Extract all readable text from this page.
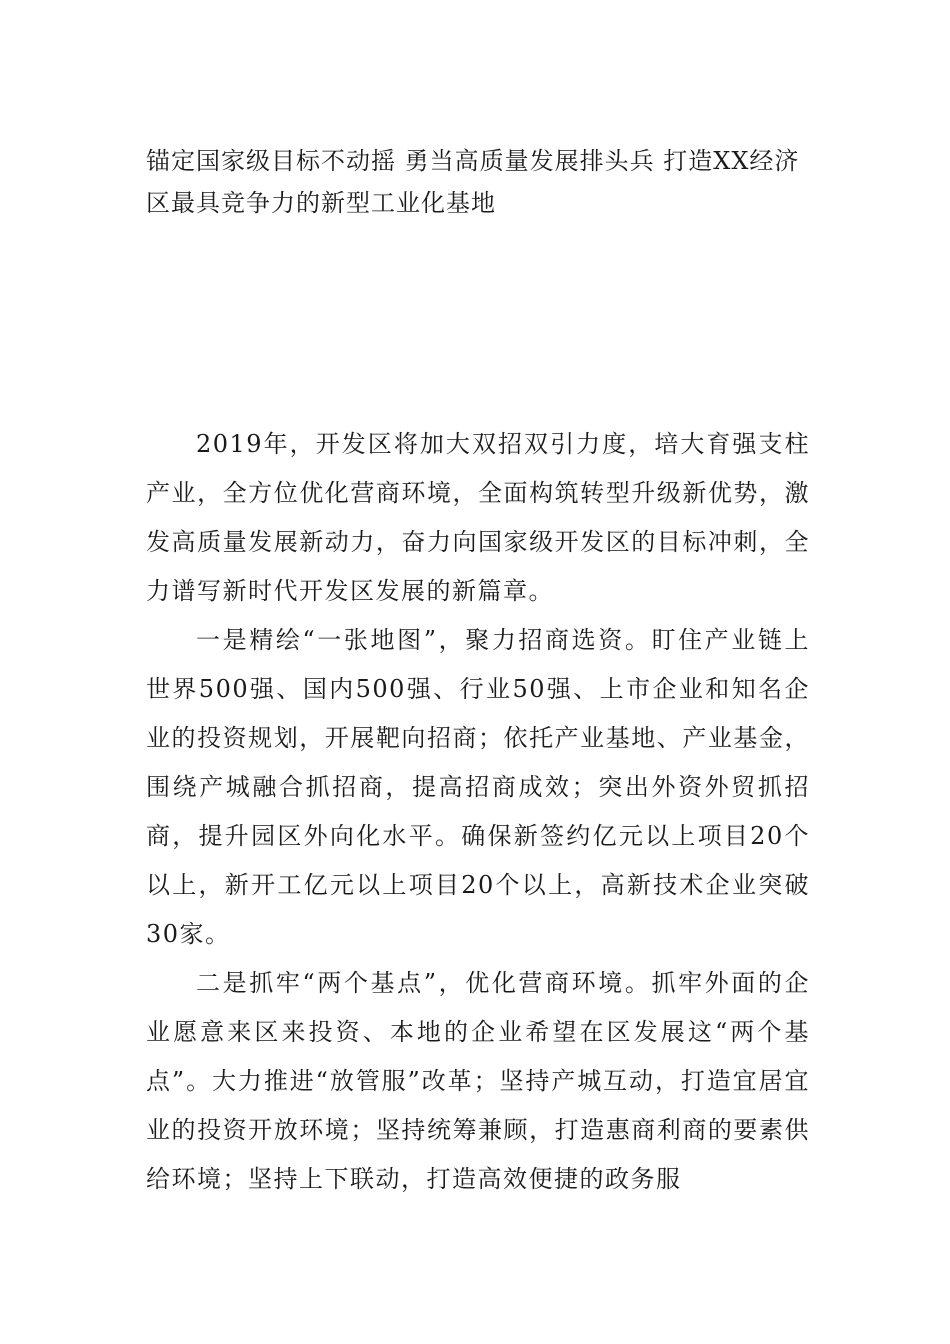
锚定国家级目标不动摇 勇当高质量发展排头兵 打造XX经济区最具竞争力的新型工业化基地

2019年，开发区将加大双招双引力度，培大育强支柱产业，全方位优化营商环境，全面构筑转型升级新优势，激发高质量发展新动力，奋力向国家级开发区的目标冲刺，全力谱写新时代开发区发展的新篇章。

一是精绘“一张地图”，聚力招商选资。盯住产业链上世界500强、国内500强、行业50强、上市企业和知名企业的投资规划，开展靶向招商；依托产业基地、产业基金，围绕产城融合抓招商，提高招商成效；突出外资外贸抓招商，提升园区外向化水平。确保新签约亿元以上项目20个以上，新开工亿元以上项目20个以上，高新技术企业突破30家。

二是抓牢“两个基点”，优化营商环境。抓牢外面的企业愿意来区来投资、本地的企业希望在区发展这“两个基点”。大力推进“放管服”改革；坚持产城互动，打造宜居宜业的投资开放环境；坚持统筹兼顾，打造惠商利商的要素供给环境；坚持上下联动，打造高效便捷的政务服
